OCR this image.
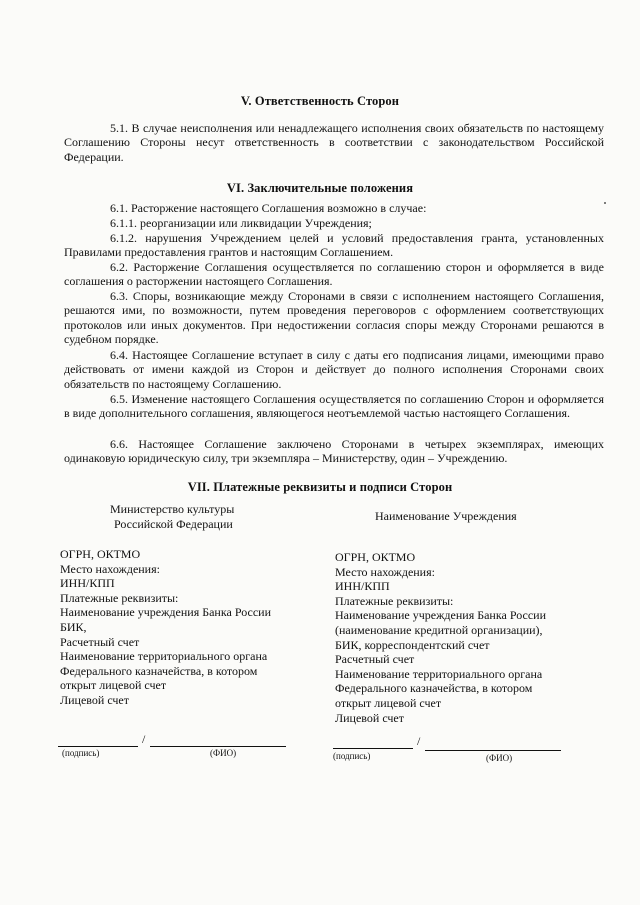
V. Ответственность Сторон
5.1. В случае неисполнения или ненадлежащего исполнения своих обязательств по настоящему Соглашению Стороны несут ответственность в соответствии с законодательством Российской Федерации.
VI. Заключительные положения
6.1. Расторжение настоящего Соглашения возможно в случае:
6.1.1. реорганизации или ликвидации Учреждения;
6.1.2. нарушения Учреждением целей и условий предоставления гранта, установленных Правилами предоставления грантов и настоящим Соглашением.
6.2. Расторжение Соглашения осуществляется по соглашению сторон и оформляется в виде соглашения о расторжении настоящего Соглашения.
6.3. Споры, возникающие между Сторонами в связи с исполнением настоящего Соглашения, решаются ими, по возможности, путем проведения переговоров с оформлением соответствующих протоколов или иных документов. При недостижении согласия споры между Сторонами решаются в судебном порядке.
6.4. Настоящее Соглашение вступает в силу с даты его подписания лицами, имеющими право действовать от имени каждой из Сторон и действует до полного исполнения Сторонами своих обязательств по настоящему Соглашению.
6.5. Изменение настоящего Соглашения осуществляется по соглашению Сторон и оформляется в виде дополнительного соглашения, являющегося неотъемлемой частью настоящего Соглашения.
6.6. Настоящее Соглашение заключено Сторонами в четырех экземплярах, имеющих одинаковую юридическую силу, три экземпляра – Министерству, один – Учреждению.
VII. Платежные реквизиты и подписи Сторон
Министерство культуры
Российской Федерации
Наименование Учреждения
ОГРН, ОКТМО
Место нахождения:
ИНН/КПП
Платежные реквизиты:
Наименование учреждения Банка России
БИК,
Расчетный счет
Наименование территориального органа
Федерального казначейства, в котором
открыт лицевой счет
Лицевой счет
ОГРН, ОКТМО
Место нахождения:
ИНН/КПП
Платежные реквизиты:
Наименование учреждения Банка России
(наименование кредитной организации),
БИК, корреспондентский счет
Расчетный счет
Наименование территориального органа
Федерального казначейства, в котором
открыт лицевой счет
Лицевой счет
/
(подпись)	(ФИО)
/
(подпись)	(ФИО)
